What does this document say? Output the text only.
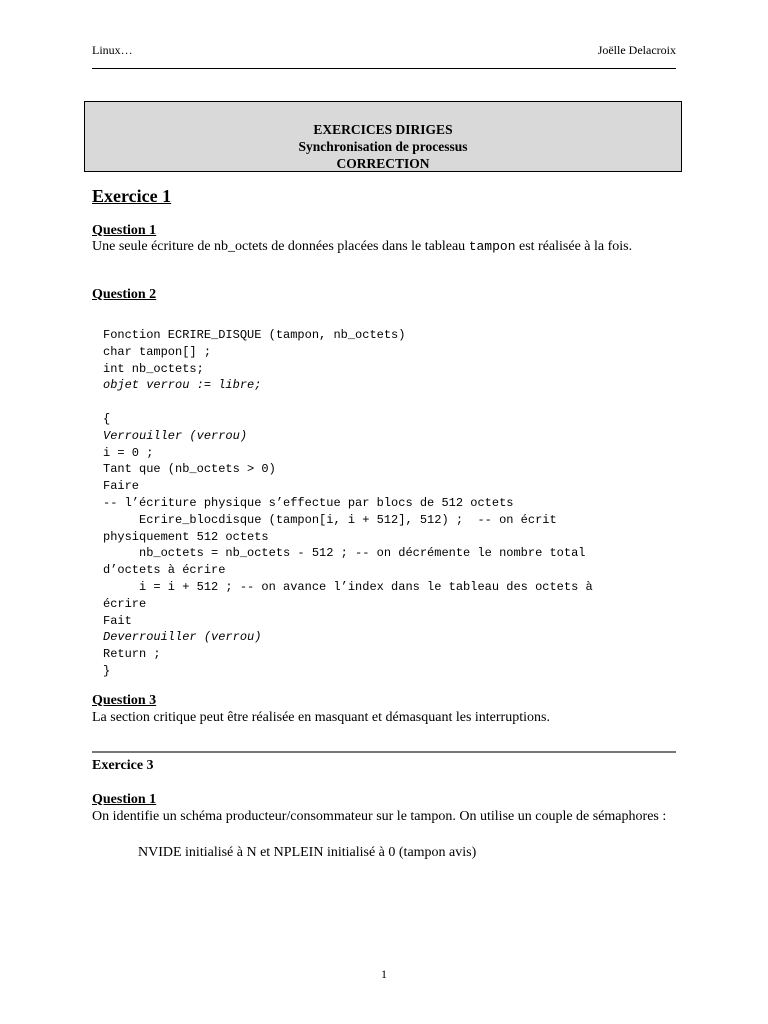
Linux…	Joëlle Delacroix
EXERCICES DIRIGES
Synchronisation de processus
CORRECTION
Exercice 1
Question 1
Une seule écriture de nb_octets de données placées dans le tableau tampon est réalisée à la fois.
Question 2
Fonction ECRIRE_DISQUE (tampon, nb_octets)
char tampon[] ;
int nb_octets;
objet verrou := libre;

{
Verrouiller (verrou)
i = 0 ;
Tant que (nb_octets > 0)
Faire
-- l’écriture physique s’effectue par blocs de 512 octets
Ecrire_blocdisque (tampon[i, i + 512], 512) ;  -- on écrit
physiquement 512 octets
nb_octets = nb_octets - 512 ; -- on décrémente le nombre total
d’octets à écrire
i = i + 512 ; -- on avance l’index dans le tableau des octets à
écrire
Fait
Deverrouiller (verrou)
Return ;
}
Question 3
La section critique peut être réalisée en masquant et démasquant les interruptions.
Exercice 3
Question 1
On identifie un schéma producteur/consommateur sur le tampon. On utilise un couple de sémaphores :
NVIDE initialisé à N et NPLEIN initialisé à 0 (tampon avis)
1
